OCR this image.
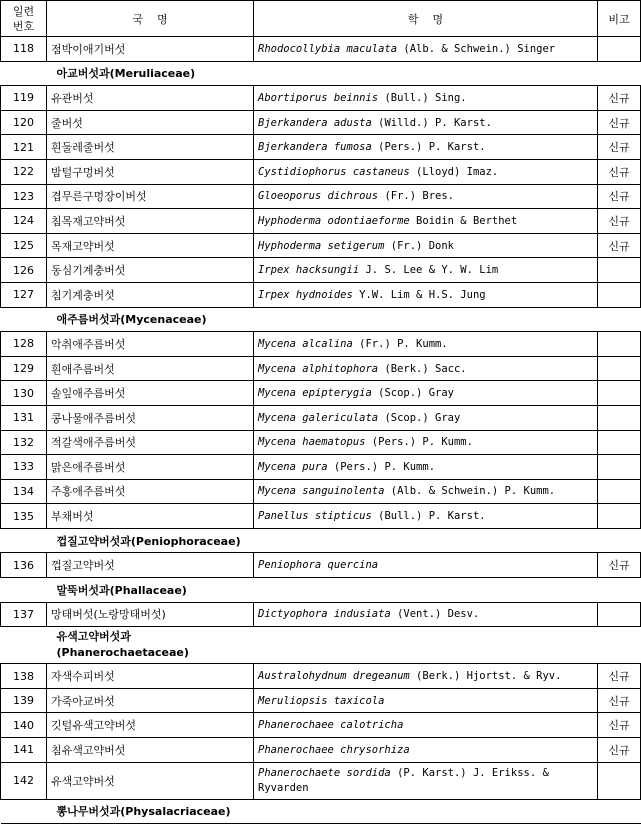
일련
번호	국    명	학    명	비고
118	점박이애기버섯	Rhodocollybia maculata (Alb. & Schwein.) Singer	
	아교버섯과(Meruliaceae)		
119	유관버섯	Abortiporus beinnis (Bull.) Sing.	신규
120	줄버섯	Bjerkandera adusta (Willd.) P. Karst.	신규
121	흰둘레줄버섯	Bjerkandera fumosa (Pers.) P. Karst.	신규
122	밤털구멍버섯	Cystidiophorus castaneus (Lloyd) Imaz.	신규
123	겹무른구멍장이버섯	Gloeoporus dichrous (Fr.) Bres.	신규
124	침목재고약버섯	Hyphoderma odontiaeforme Boidin & Berthet	신규
125	목재고약버섯	Hyphoderma setigerum (Fr.) Donk	신규
126	동심기계충버섯	Irpex hacksungii J. S. Lee & Y. W. Lim	
127	침기계충버섯	Irpex hydnoides Y.W. Lim & H.S. Jung	
	애주름버섯과(Mycenaceae)		
128	악취애주름버섯	Mycena alcalina (Fr.) P. Kumm.	
129	흰애주름버섯	Mycena alphitophora (Berk.) Sacc.	
130	솔잎애주름버섯	Mycena epipterygia (Scop.) Gray	
131	콩나물애주름버섯	Mycena galericulata (Scop.) Gray	
132	적갈색애주름버섯	Mycena haematopus (Pers.) P. Kumm.	
133	맑은애주름버섯	Mycena pura (Pers.) P. Kumm.	
134	주홍애주름버섯	Mycena sanguinolenta (Alb. & Schwein.) P. Kumm.	
135	부채버섯	Panellus stipticus (Bull.) P. Karst.	
	껍질고약버섯과(Peniophoraceae)		
136	껍질고약버섯	Peniophora quercina	신규
	말뚝버섯과(Phallaceae)		
137	망태버섯(노랑망태버섯)	Dictyophora indusiata (Vent.) Desv.	
	유색고약버섯과
(Phanerochaetaceae)		
138	자색수피버섯	Australohydnum dregeanum (Berk.) Hjortst. & Ryv.	신규
139	가죽아교버섯	Meruliopsis taxicola	신규
140	깃털유색고약버섯	Phanerochaee calotricha	신규
141	침유색고약버섯	Phanerochaee chrysorhiza	신규
142	유색고약버섯	Phanerochaete sordida (P. Karst.) J. Erikss. & Ryvarden	
	뽕나무버섯과(Physalacriaceae)		
